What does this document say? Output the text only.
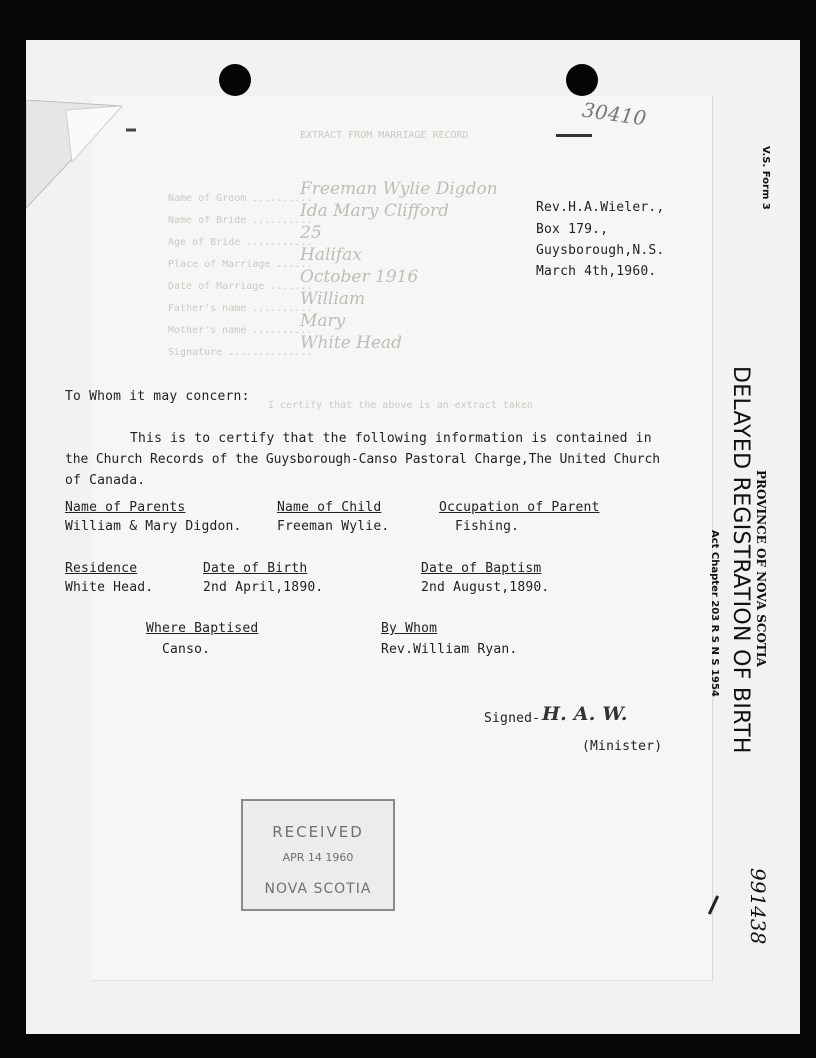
EXTRACT FROM MARRIAGE RECORD
Name of Groom ..........
Name of Bride ..........
Age of Bride ...........
Place of Marriage ......
Date of Marriage .......
Father's name ..........
Mother's name ..........
Signature ..............
Freeman Wylie Digdon
Ida Mary Clifford
25
Halifax
October 1916
William
Mary
White Head
I certify that the above is an extract taken
30410
Rev.H.A.Wieler.,
Box 179.,
Guysborough,N.S.
March 4th,1960.
To Whom it may concern:
This is to certify that the following information is contained in
the Church Records of the Guysborough-Canso Pastoral Charge,The United Church
of Canada.
Name of Parents
William & Mary Digdon.
Name of Child
Freeman Wylie.
Occupation of Parent
Fishing.
Residence
White Head.
Date of Birth
2nd April,1890.
Date of Baptism
2nd August,1890.
Where Baptised
Canso.
By Whom
Rev.William Ryan.
Signed- H. A. W.
(Minister)
RECEIVED
APR 14 1960
NOVA SCOTIA
V.S. Form 3
DELAYED REGISTRATION OF BIRTH PROVINCE OF NOVA SCOTIA
Act Chapter 203 R S N S 1954
991438
